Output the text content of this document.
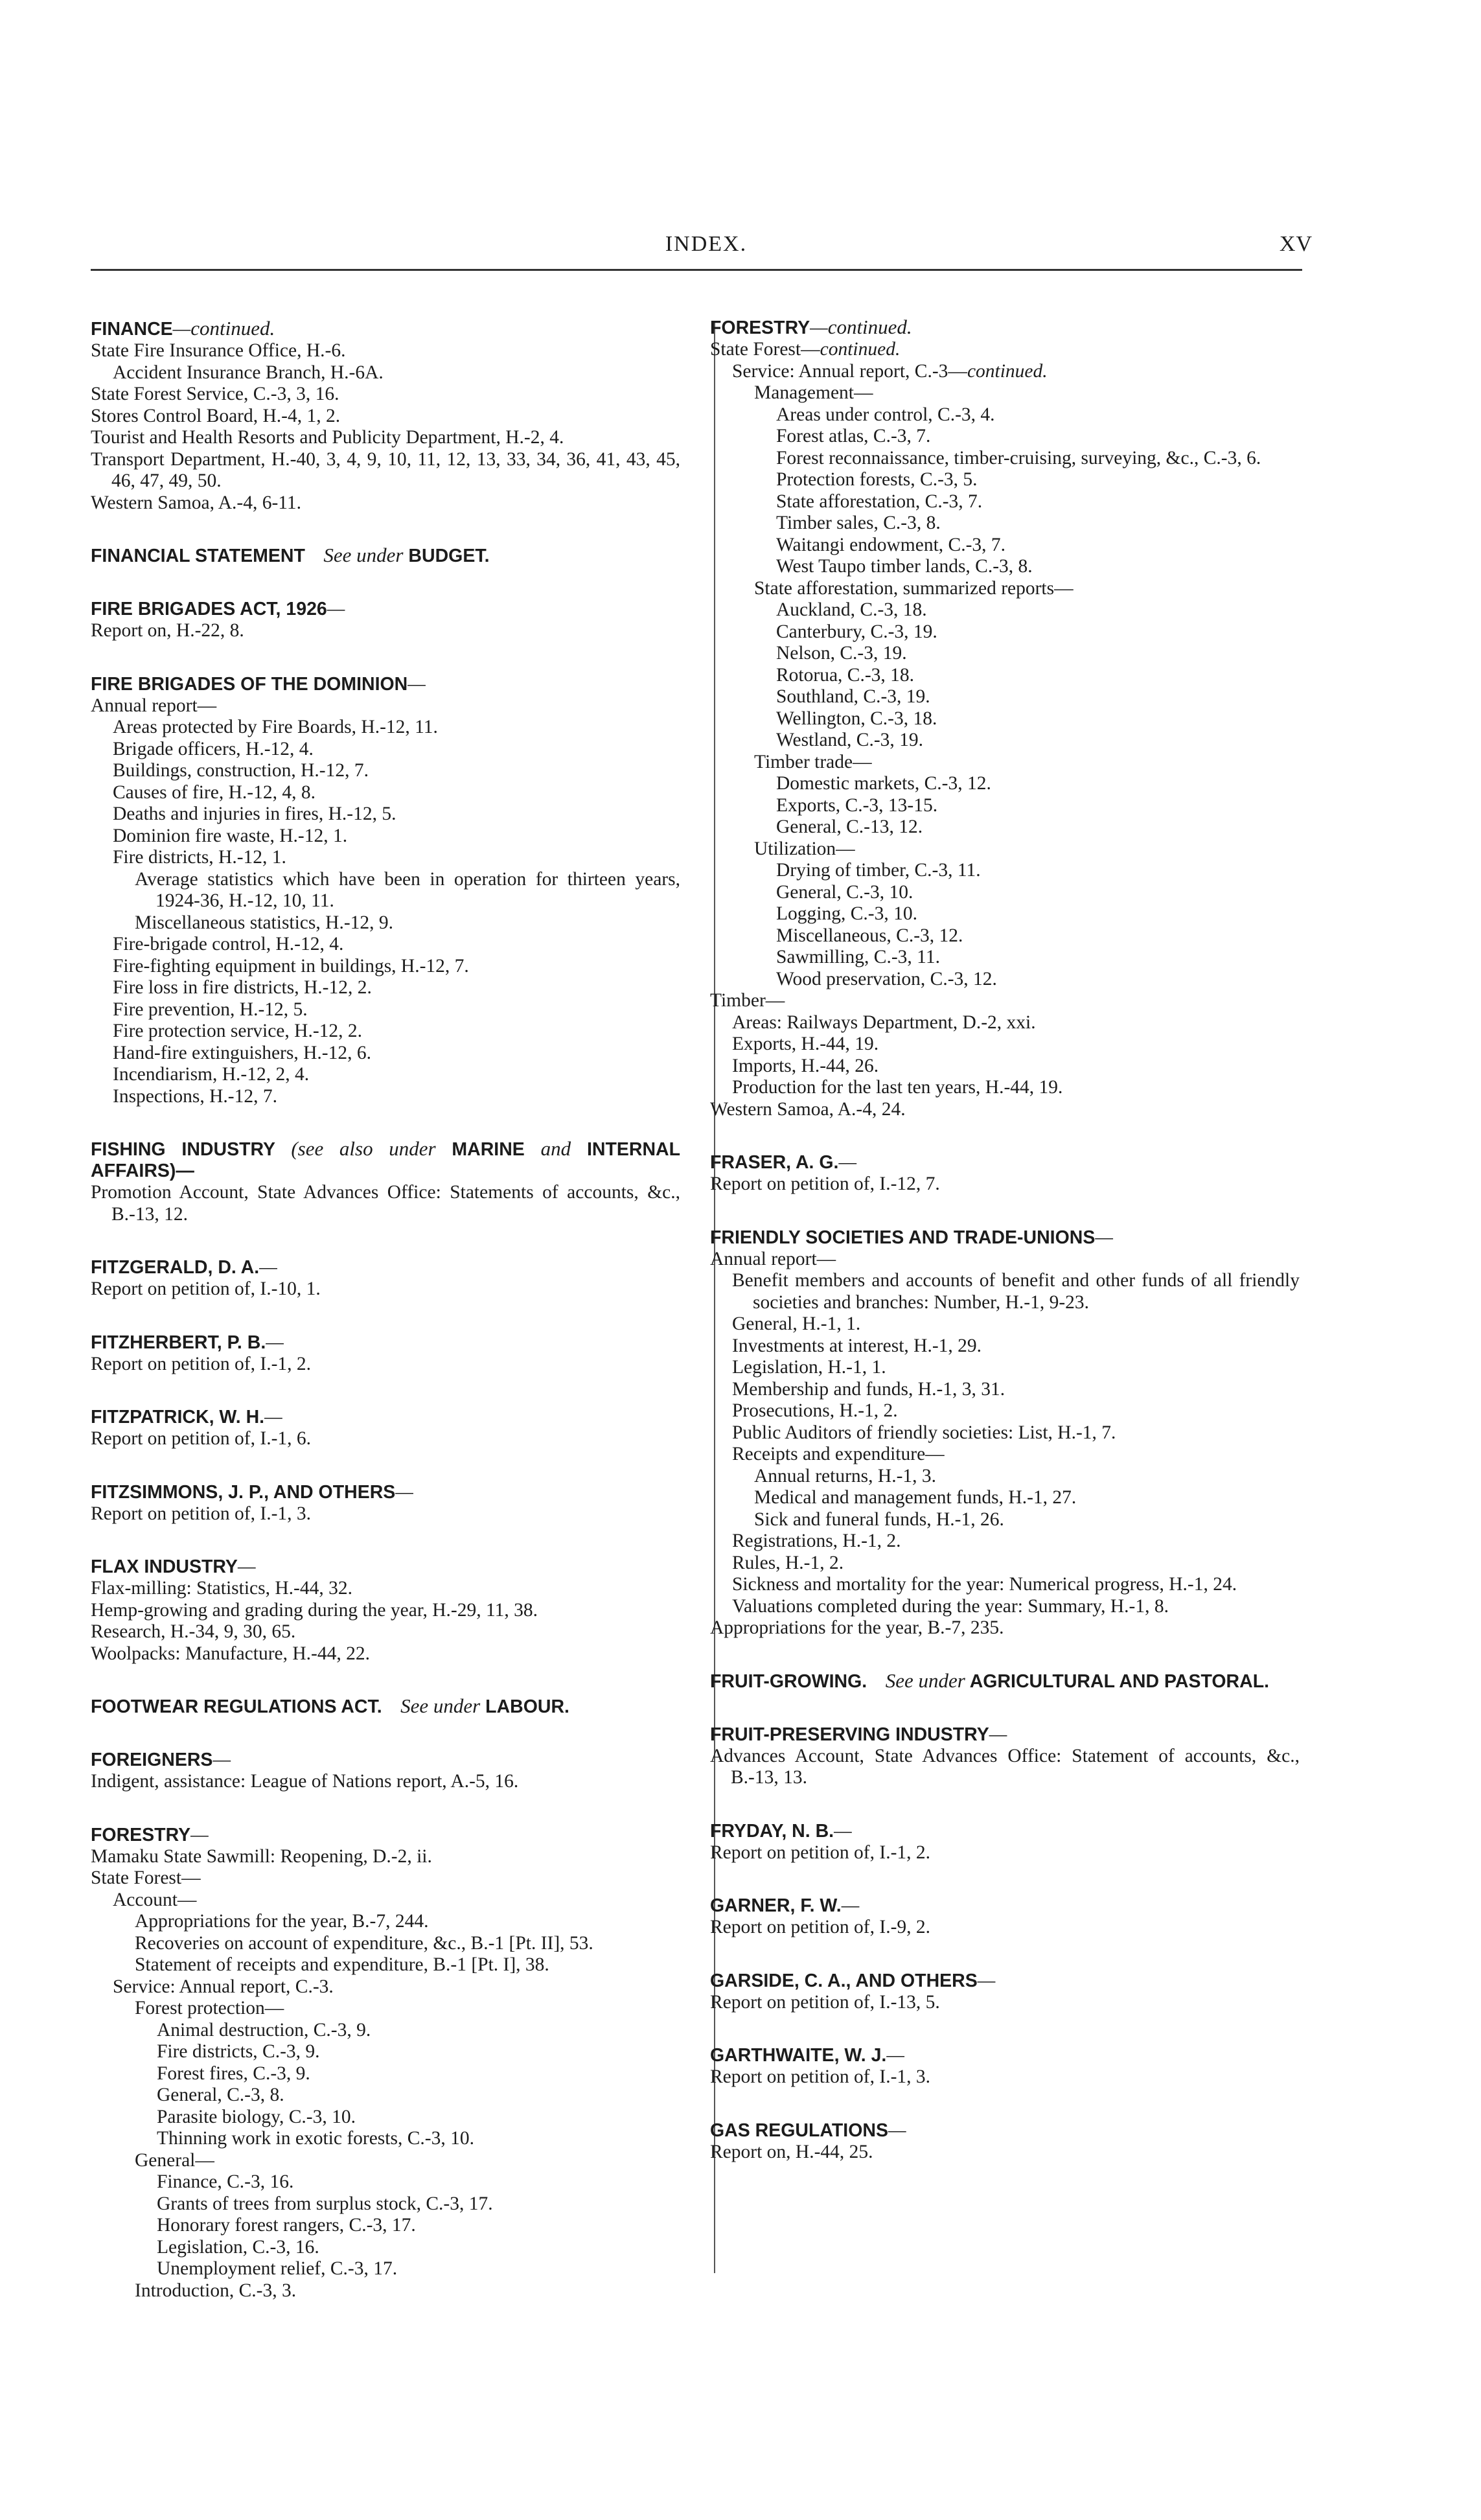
INDEX.	XV
FINANCE—continued.
State Fire Insurance Office, H.-6.
Accident Insurance Branch, H.-6A.
State Forest Service, C.-3, 3, 16.
Stores Control Board, H.-4, 1, 2.
Tourist and Health Resorts and Publicity Department, H.-2, 4.
Transport Department, H.-40, 3, 4, 9, 10, 11, 12, 13, 33, 34, 36, 41, 43, 45, 46, 47, 49, 50.
Western Samoa, A.-4, 6-11.
FINANCIAL STATEMENT  See under BUDGET.
FIRE BRIGADES ACT, 1926—
Report on, H.-22, 8.
FIRE BRIGADES OF THE DOMINION—
Annual report—
Areas protected by Fire Boards, H.-12, 11.
Brigade officers, H.-12, 4.
Buildings, construction, H.-12, 7.
Causes of fire, H.-12, 4, 8.
Deaths and injuries in fires, H.-12, 5.
Dominion fire waste, H.-12, 1.
Fire districts, H.-12, 1.
Average statistics which have been in operation for thirteen years, 1924-36, H.-12, 10, 11.
Miscellaneous statistics, H.-12, 9.
Fire-brigade control, H.-12, 4.
Fire-fighting equipment in buildings, H.-12, 7.
Fire loss in fire districts, H.-12, 2.
Fire prevention, H.-12, 5.
Fire protection service, H.-12, 2.
Hand-fire extinguishers, H.-12, 6.
Incendiarism, H.-12, 2, 4.
Inspections, H.-12, 7.
FISHING INDUSTRY (see also under MARINE and INTERNAL AFFAIRS)—
Promotion Account, State Advances Office: Statements of accounts, &c., B.-13, 12.
FITZGERALD, D. A.—
Report on petition of, I.-10, 1.
FITZHERBERT, P. B.—
Report on petition of, I.-1, 2.
FITZPATRICK, W. H.—
Report on petition of, I.-1, 6.
FITZSIMMONS, J. P., AND OTHERS—
Report on petition of, I.-1, 3.
FLAX INDUSTRY—
Flax-milling: Statistics, H.-44, 32.
Hemp-growing and grading during the year, H.-29, 11, 38.
Research, H.-34, 9, 30, 65.
Woolpacks: Manufacture, H.-44, 22.
FOOTWEAR REGULATIONS ACT.  See under LABOUR.
FOREIGNERS—
Indigent, assistance: League of Nations report, A.-5, 16.
FORESTRY—
Mamaku State Sawmill: Reopening, D.-2, ii.
State Forest—
Account—
Appropriations for the year, B.-7, 244.
Recoveries on account of expenditure, &c., B.-1 [Pt. II], 53.
Statement of receipts and expenditure, B.-1 [Pt. I], 38.
Service: Annual report, C.-3.
Forest protection—
Animal destruction, C.-3, 9.
Fire districts, C.-3, 9.
Forest fires, C.-3, 9.
General, C.-3, 8.
Parasite biology, C.-3, 10.
Thinning work in exotic forests, C.-3, 10.
General—
Finance, C.-3, 16.
Grants of trees from surplus stock, C.-3, 17.
Honorary forest rangers, C.-3, 17.
Legislation, C.-3, 16.
Unemployment relief, C.-3, 17.
Introduction, C.-3, 3.
FORESTRY—continued.
State Forest—continued.
Service: Annual report, C.-3—continued.
Management—
Areas under control, C.-3, 4.
Forest atlas, C.-3, 7.
Forest reconnaissance, timber-cruising, surveying, &c., C.-3, 6.
Protection forests, C.-3, 5.
State afforestation, C.-3, 7.
Timber sales, C.-3, 8.
Waitangi endowment, C.-3, 7.
West Taupo timber lands, C.-3, 8.
State afforestation, summarized reports—
Auckland, C.-3, 18.
Canterbury, C.-3, 19.
Nelson, C.-3, 19.
Rotorua, C.-3, 18.
Southland, C.-3, 19.
Wellington, C.-3, 18.
Westland, C.-3, 19.
Timber trade—
Domestic markets, C.-3, 12.
Exports, C.-3, 13-15.
General, C.-13, 12.
Utilization—
Drying of timber, C.-3, 11.
General, C.-3, 10.
Logging, C.-3, 10.
Miscellaneous, C.-3, 12.
Sawmilling, C.-3, 11.
Wood preservation, C.-3, 12.
Timber—
Areas: Railways Department, D.-2, xxi.
Exports, H.-44, 19.
Imports, H.-44, 26.
Production for the last ten years, H.-44, 19.
Western Samoa, A.-4, 24.
FRASER, A. G.—
Report on petition of, I.-12, 7.
FRIENDLY SOCIETIES AND TRADE-UNIONS—
Annual report—
Benefit members and accounts of benefit and other funds of all friendly societies and branches: Number, H.-1, 9-23.
General, H.-1, 1.
Investments at interest, H.-1, 29.
Legislation, H.-1, 1.
Membership and funds, H.-1, 3, 31.
Prosecutions, H.-1, 2.
Public Auditors of friendly societies: List, H.-1, 7.
Receipts and expenditure—
Annual returns, H.-1, 3.
Medical and management funds, H.-1, 27.
Sick and funeral funds, H.-1, 26.
Registrations, H.-1, 2.
Rules, H.-1, 2.
Sickness and mortality for the year: Numerical progress, H.-1, 24.
Valuations completed during the year: Summary, H.-1, 8.
Appropriations for the year, B.-7, 235.
FRUIT-GROWING.  See under AGRICULTURAL AND PASTORAL.
FRUIT-PRESERVING INDUSTRY—
Advances Account, State Advances Office: Statement of accounts, &c., B.-13, 13.
FRYDAY, N. B.—
Report on petition of, I.-1, 2.
GARNER, F. W.—
Report on petition of, I.-9, 2.
GARSIDE, C. A., AND OTHERS—
Report on petition of, I.-13, 5.
GARTHWAITE, W. J.—
Report on petition of, I.-1, 3.
GAS REGULATIONS—
Report on, H.-44, 25.
